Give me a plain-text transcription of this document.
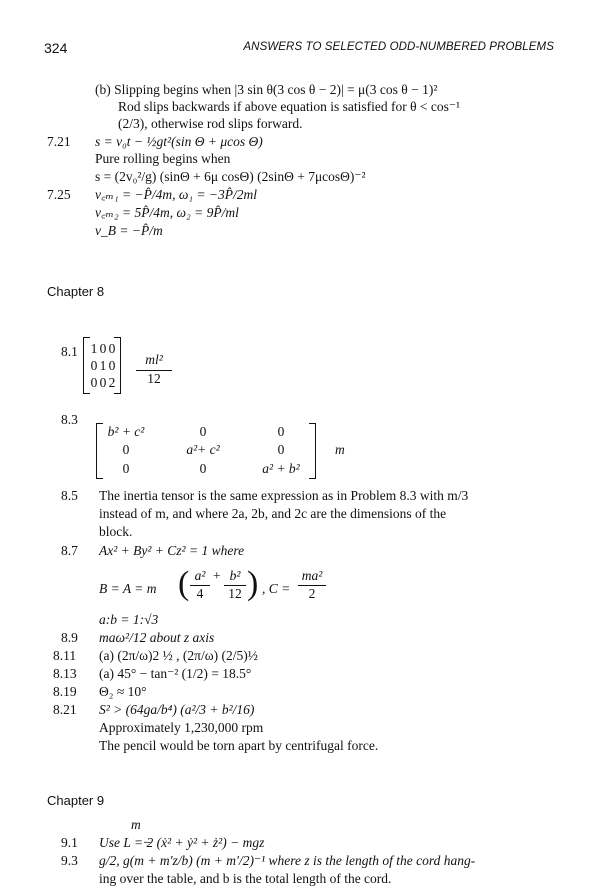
324	ANSWERS TO SELECTED ODD-NUMBERED PROBLEMS
(b) Slipping begins when |3 sin θ(3 cos θ − 2)| = μ(3 cos θ − 1)²
Rod slips backwards if above equation is satisfied for θ < cos⁻¹
(2/3), otherwise rod slips forward.
7.21 s = v₀t − ½gt²(sin Θ + μcos Θ)
Pure rolling begins when
s = (2v₀²/g) (sinΘ + 6μ cosΘ) (2sinΘ + 7μcosΘ)⁻²
7.25 v꜀ₘ₁ = −P̂/4m, ω₁ = −3P̂/2ml
v꜀ₘ₂ = 5P̂/4m, ω₂ = 9P̂/ml
v_B = −P̂/m
Chapter 8
8.1 1 0 0
0 1 0
0 0 2
ml²
12
8.3
b² + c²	0	0
0	a²+ c²	0
0	0	a² + b²
m
8.5 The inertia tensor is the same expression as in Problem 8.3 with m/3
instead of m, and where 2a, 2b, and 2c are the dimensions of the
block.
8.7 Ax² + By² + Cz² = 1 where
B = A = m ( a²
4
+ b²
12 ) , C =
ma²
2
a:b = 1:√3
8.9 maω²/12 about z axis
8.11 (a) (2π/ω)2 ½ , (2π/ω) (2/5)½
8.13 (a) 45° − tan⁻² (1/2) = 18.5°
8.19 Θ₂ ≈ 10°
8.21 S² > (64ga/b⁴) (a²/3 + b²/16)
Approximately 1,230,000 rpm
The pencil would be torn apart by centrifugal force.
Chapter 9
m
9.1 Use L = ̶2 (ẋ² + ẏ² + ż²) − mgz
9.3 g/2, g(m + m′z/b) (m + m′/2)⁻¹ where z is the length of the cord hang-
ing over the table, and b is the total length of the cord.
